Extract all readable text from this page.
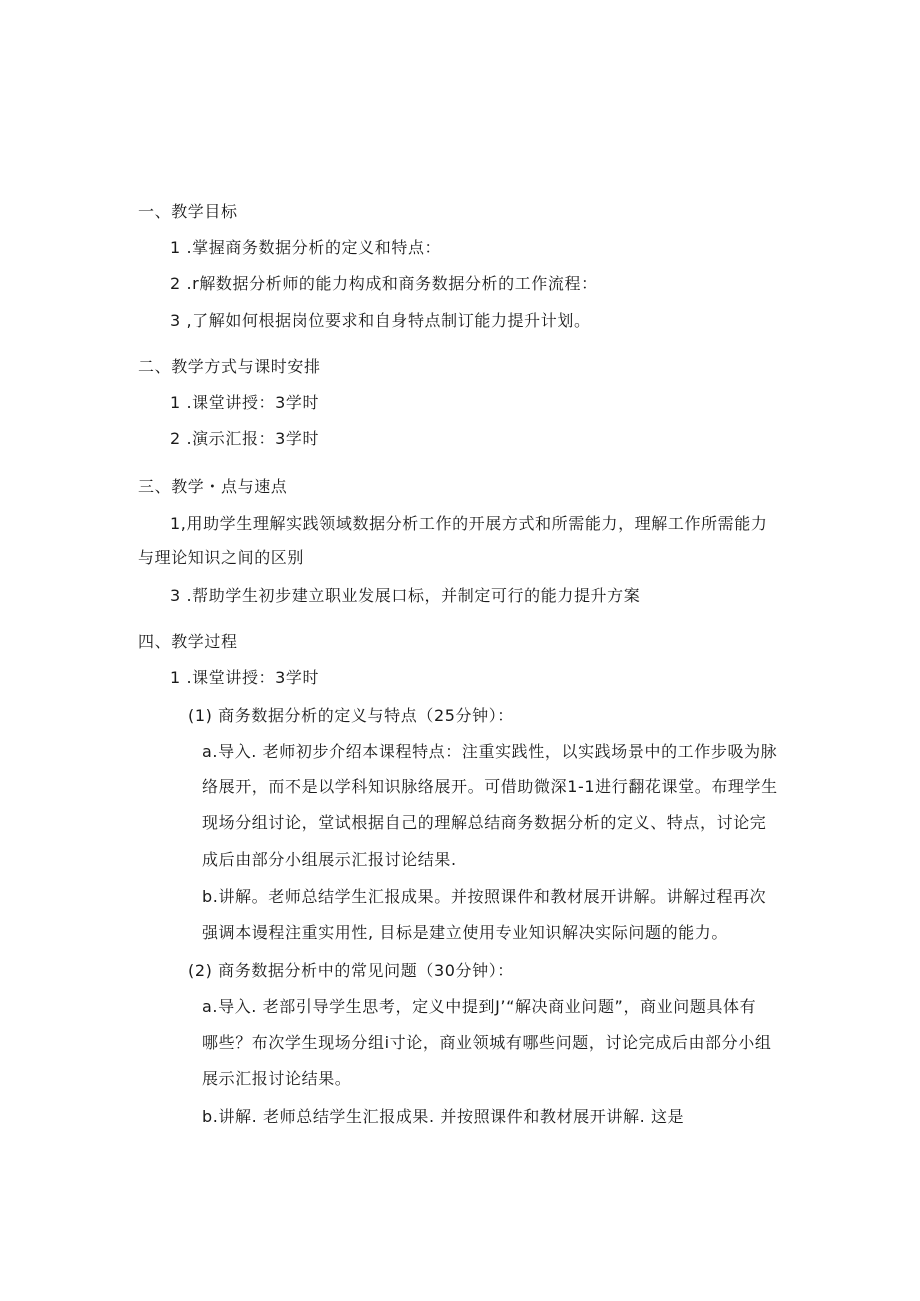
一、教学目标
1 .掌握商务数据分析的定义和特点：
2 .r解数据分析师的能力构成和商务数据分析的工作流程：
3 ,了解如何根据岗位要求和自身特点制订能力提升计划。
二、教学方式与课时安排
1 .课堂讲授：3学时
2 .演示汇报：3学时
三、教学・点与速点
1,用助学生理解实践领域数据分析工作的开展方式和所需能力，理解工作所需能力
与理论知识之间的区别
3 .帮助学生初步建立职业发展口标，并制定可行的能力提升方案
四、教学过程
1 .课堂讲授：3学时
(1) 商务数据分析的定义与特点（25分钟）：
a.导入. 老师初步介绍本课程特点：注重实践性，以实践场景中的工作步吸为脉
络展开，而不是以学科知识脉络展开。可借助微深1-1进行翻花课堂。布理学生
现场分组讨论，堂试根据自己的理解总结商务数据分析的定义、特点，讨论完
成后由部分小组展示汇报讨论结果.
b.讲解。老师总结学生汇报成果。并按照课件和教材展开讲解。讲解过程再次
强调本谩程注重实用性, 目标是建立使用专业知识解决实际问题的能力。
(2) 商务数据分析中的常见问题（30分钟）：
a.导入. 老部引导学生思考，定义中提到J’“解决商业问题”，商业问题具体有
哪些？布次学生现场分组i寸论，商业领城有哪些问题，讨论完成后由部分小组
展示汇报讨论结果。
b.讲解. 老师总结学生汇报成果. 并按照课件和教材展开讲解. 这是
